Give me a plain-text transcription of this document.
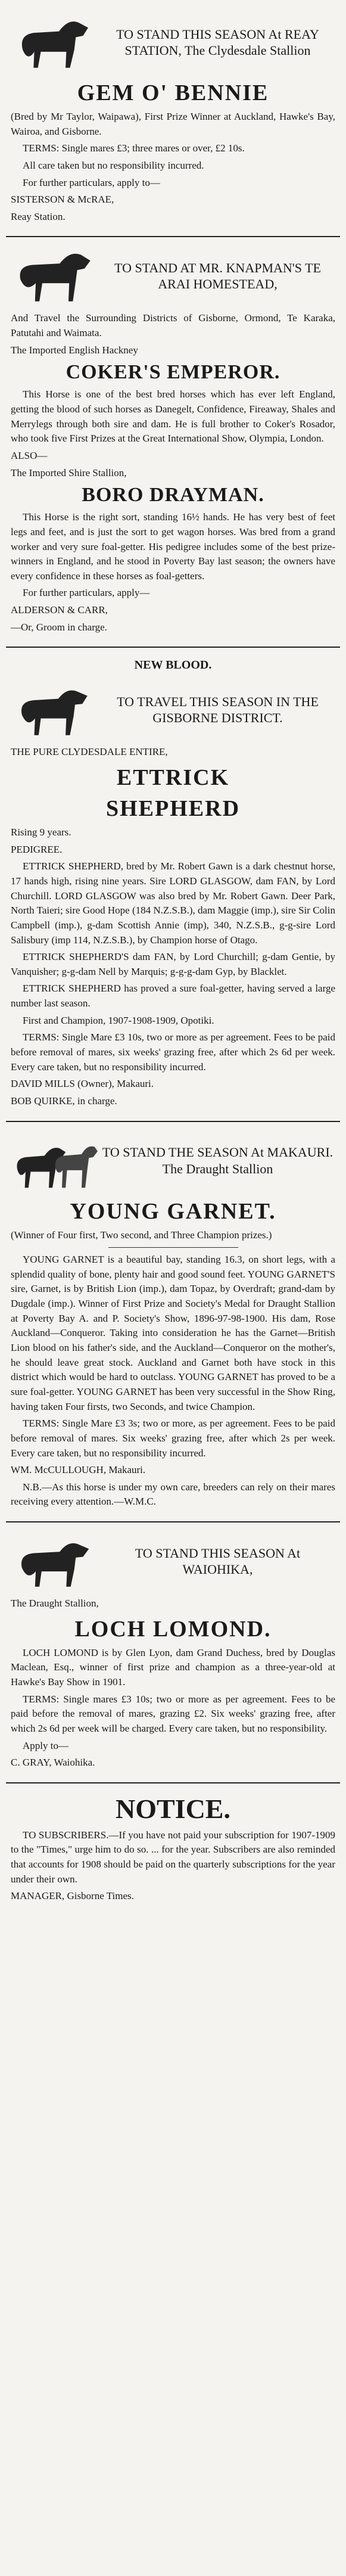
TO STAND THIS SEASON At REAY STATION, The Clydesdale Stallion
GEM O' BENNIE

(Bred by Mr Taylor, Waipawa), First Prize Winner at Auckland, Hawke's Bay, Wairoa, and Gisborne.

TERMS: Single mares £3; three mares or over, £2 10s.

All care taken but no responsibility incurred.

For further particulars, apply to—

SISTERSON & McRAE,

Reay Station.

TO STAND AT MR. KNAPMAN'S TE ARAI HOMESTEAD,

And Travel the Surrounding Districts of Gisborne, Ormond, Te Karaka, Patutahi and Waimata.

The Imported English Hackney

COKER'S EMPEROR.

This Horse is one of the best bred horses which has ever left England, getting the blood of such horses as Danegelt, Confidence, Fireaway, Shales and Merrylegs through both sire and dam. He is full brother to Coker's Rosador, who took five First Prizes at the Great International Show, Olympia, London.

ALSO—

The Imported Shire Stallion,

BORO DRAYMAN.

This Horse is the right sort, standing 16½ hands. He has very best of feet legs and feet, and is just the sort to get wagon horses. Was bred from a grand worker and very sure foal-getter. His pedigree includes some of the best prize-winners in England, and he stood in Poverty Bay last season; the owners have every confidence in these horses as foal-getters.

For further particulars, apply—

ALDERSON & CARR,

—Or, Groom in charge.

NEW BLOOD.
TO TRAVEL THIS SEASON IN THE GISBORNE DISTRICT.

THE PURE CLYDESDALE ENTIRE,

ETTRICK
SHEPHERD

Rising 9 years.

PEDIGREE.

ETTRICK SHEPHERD, bred by Mr. Robert Gawn is a dark chestnut horse, 17 hands high, rising nine years. Sire LORD GLASGOW, dam FAN, by Lord Churchill. LORD GLASGOW was also bred by Mr. Robert Gawn. Deer Park, North Taieri; sire Good Hope (184 N.Z.S.B.), dam Maggie (imp.), sire Sir Colin Campbell (imp.), g-dam Scottish Annie (imp), 340, N.Z.S.B., g-g-sire Lord Salisbury (imp 114, N.Z.S.B.), by Champion horse of Otago.

ETTRICK SHEPHERD'S dam FAN, by Lord Churchill; g-dam Gentie, by Vanquisher; g-g-dam Nell by Marquis; g-g-g-dam Gyp, by Blacklet.

ETTRICK SHEPHERD has proved a sure foal-getter, having served a large number last season.

First and Champion, 1907-1908-1909, Opotiki.

TERMS: Single Mare £3 10s, two or more as per agreement. Fees to be paid before removal of mares, six weeks' grazing free, after which 2s 6d per week. Every care taken, but no responsibility incurred.

DAVID MILLS (Owner), Makauri.

BOB QUIRKE, in charge.

TO STAND THE SEASON At MAKAURI. The Draught Stallion
YOUNG GARNET.

(Winner of Four first, Two second, and Three Champion prizes.)

YOUNG GARNET is a beautiful bay, standing 16.3, on short legs, with a splendid quality of bone, plenty hair and good sound feet. YOUNG GARNET'S sire, Garnet, is by British Lion (imp.), dam Topaz, by Overdraft; grand-dam by Dugdale (imp.). Winner of First Prize and Society's Medal for Draught Stallion at Poverty Bay A. and P. Society's Show, 1896-97-98-1900. His dam, Rose Auckland—Conqueror. Taking into consideration he has the Garnet—British Lion blood on his father's side, and the Auckland—Conqueror on the mother's, he should leave great stock. Auckland and Garnet both have stock in this district which would be hard to outclass. YOUNG GARNET has proved to be a sure foal-getter. YOUNG GARNET has been very successful in the Show Ring, having taken Four firsts, two Seconds, and twice Champion.

TERMS: Single Mare £3 3s; two or more, as per agreement. Fees to be paid before removal of mares. Six weeks' grazing free, after which 2s per week. Every care taken, but no responsibility incurred.

WM. McCULLOUGH, Makauri.

N.B.—As this horse is under my own care, breeders can rely on their mares receiving every attention.—W.M.C.

TO STAND THIS SEASON At WAIOHIKA,

The Draught Stallion,

LOCH LOMOND.

LOCH LOMOND is by Glen Lyon, dam Grand Duchess, bred by Douglas Maclean, Esq., winner of first prize and champion as a three-year-old at Hawke's Bay Show in 1901.

TERMS: Single mares £3 10s; two or more as per agreement. Fees to be paid before the removal of mares, grazing £2. Six weeks' grazing free, after which 2s 6d per week will be charged. Every care taken, but no responsibility.

Apply to—

C. GRAY, Waiohika.

NOTICE.

TO SUBSCRIBERS.—If you have not paid your subscription for 1907-1909 to the "Times," urge him to do so. ... for the year. Subscribers are also reminded that accounts for 1908 should be paid on the quarterly subscriptions for the year under their own.

MANAGER, Gisborne Times.
